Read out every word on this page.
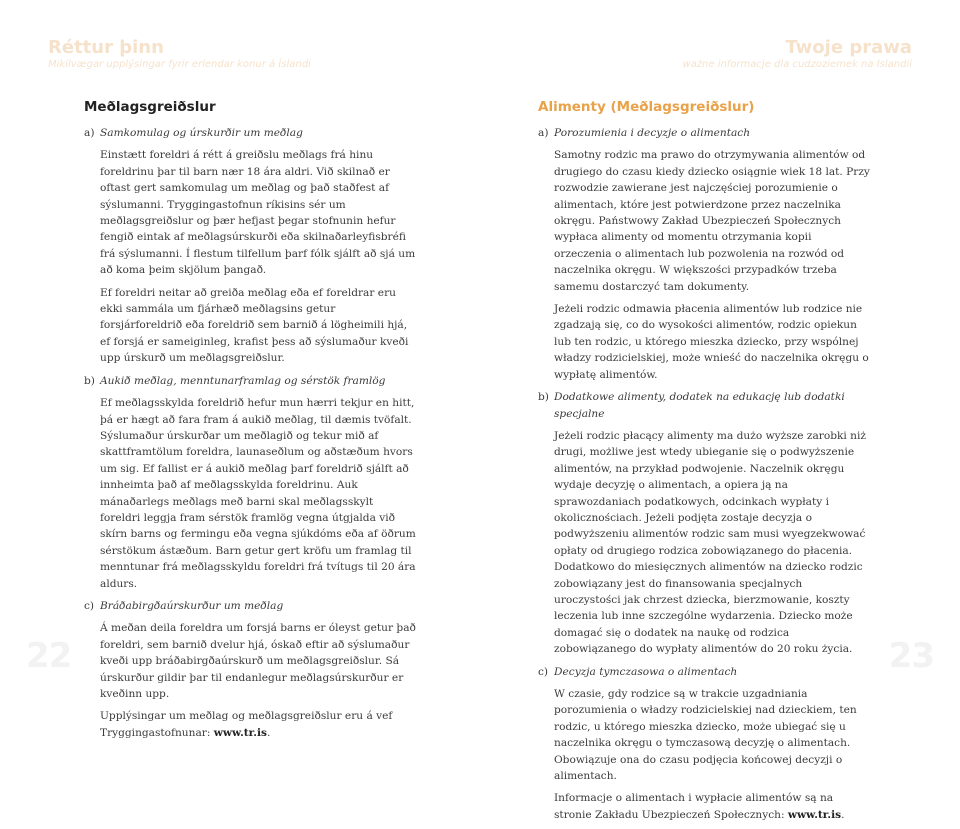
Réttur þinn
Mikilvægar upplýsingar fyrir erlendar konur á Íslandi
Meðlagsgreiðslur
a) Samkomulag og úrskurðir um meðlag

Einstætt foreldri á rétt á greiðslu meðlags frá hinu foreldrinu þar til barn nær 18 ára aldri. Við skilnað er oftast gert samkomulag um meðlag og það staðfest af sýslumanni. Tryggingastofnun ríkisins sér um meðlagsgreiðslur og þær hefjast þegar stofnunin hefur fengið eintak af meðlagsúrskurði eða skilnaðarleyfisbréfi frá sýslumanni. Í flestum tilfellum þarf fólk sjálft að sjá um að koma þeim skjölum þangað.

Ef foreldri neitar að greiða meðlag eða ef foreldrar eru ekki sammála um fjárhæð meðlagsins getur forsjárforeldrið eða foreldrið sem barnið á lögheimili hjá, ef forsjá er sameiginleg, krafist þess að sýslumaður kveði upp úrskurð um meðlagsgreiðslur.

b) Aukið meðlag, menntunarframlag og sérstök framlög

Ef meðlagsskylda foreldrið hefur mun hærri tekjur en hitt, þá er hægt að fara fram á aukið meðlag, til dæmis tvöfalt. Sýslumaður úrskurðar um meðlagið og tekur mið af skattframtölum foreldra, launaseðlum og aðstæðum hvors um sig. Ef fallist er á aukið meðlag þarf foreldrið sjálft að innheimta það af meðlagsskylda foreldrinu. Auk mánaðarlegs meðlags með barni skal meðlagsskylt foreldri leggja fram sérstök framlög vegna útgjalda við skírn barns og fermingu eða vegna sjúkdóms eða af öðrum sérstökum ástæðum. Barn getur gert kröfu um framlag til menntunar frá meðlagsskyldu foreldri frá tvítugs til 20 ára aldurs.

c) Bráðabirgðaúrskurður um meðlag

Á meðan deila foreldra um forsjá barns er óleyst getur það foreldri, sem barnið dvelur hjá, óskað eftir að sýslumaður kveði upp bráðabirgðaúrskurð um meðlagsgreiðslur. Sá úrskurður gildir þar til endanlegur meðlagsúrskurður er kveðinn upp.

Upplýsingar um meðlag og meðlagsgreiðslur eru á vef Tryggingastofnunar: www.tr.is.

22
Twoje prawa
ważne informacje dla cudzoziemek na Islandii
Alimenty (Meðlagsgreiðslur)
a) Porozumienia i decyzje o alimentach

Samotny rodzic ma prawo do otrzymywania alimentów od drugiego do czasu kiedy dziecko osiągnie wiek 18 lat. Przy rozwodzie zawierane jest najczęściej porozumienie o alimentach, które jest potwierdzone przez naczelnika okręgu. Państwowy Zakład Ubezpieczeń Społecznych wypłaca alimenty od momentu otrzymania kopii orzeczenia o alimentach lub pozwolenia na rozwód od naczelnika okręgu. W większości przypadków trzeba samemu dostarczyć tam dokumenty.

Jeżeli rodzic odmawia płacenia alimentów lub rodzice nie zgadzają się, co do wysokości alimentów, rodzic opiekun lub ten rodzic, u którego mieszka dziecko, przy wspólnej władzy rodzicielskiej, może wnieść do naczelnika okręgu o wypłatę alimentów.

b) Dodatkowe alimenty, dodatek na edukację lub dodatki specjalne

Jeżeli rodzic płacący alimenty ma dużo wyższe zarobki niż drugi, możliwe jest wtedy ubieganie się o podwyższenie alimentów, na przykład podwojenie. Naczelnik okręgu wydaje decyzję o alimentach, a opiera ją na sprawozdaniach podatkowych, odcinkach wypłaty i okolicznościach. Jeżeli podjęta zostaje decyzja o podwyższeniu alimentów rodzic sam musi wyegzekwować opłaty od drugiego rodzica zobowiązanego do płacenia. Dodatkowo do miesięcznych alimentów na dziecko rodzic zobowiązany jest do finansowania specjalnych uroczystości jak chrzest dziecka, bierzmowanie, koszty leczenia lub inne szczególne wydarzenia. Dziecko może domagać się o dodatek na naukę od rodzica zobowiązanego do wypłaty alimentów do 20 roku życia.

c) Decyzja tymczasowa o alimentach

W czasie, gdy rodzice są w trakcie uzgadniania porozumienia o władzy rodzicielskiej nad dzieckiem, ten rodzic, u którego mieszka dziecko, może ubiegać się u naczelnika okręgu o tymczasową decyzję o alimentach. Obowiązuje ona do czasu podjęcia końcowej decyzji o alimentach.

Informacje o alimentach i wypłacie alimentów są na stronie Zakładu Ubezpieczeń Społecznych: www.tr.is.

23
